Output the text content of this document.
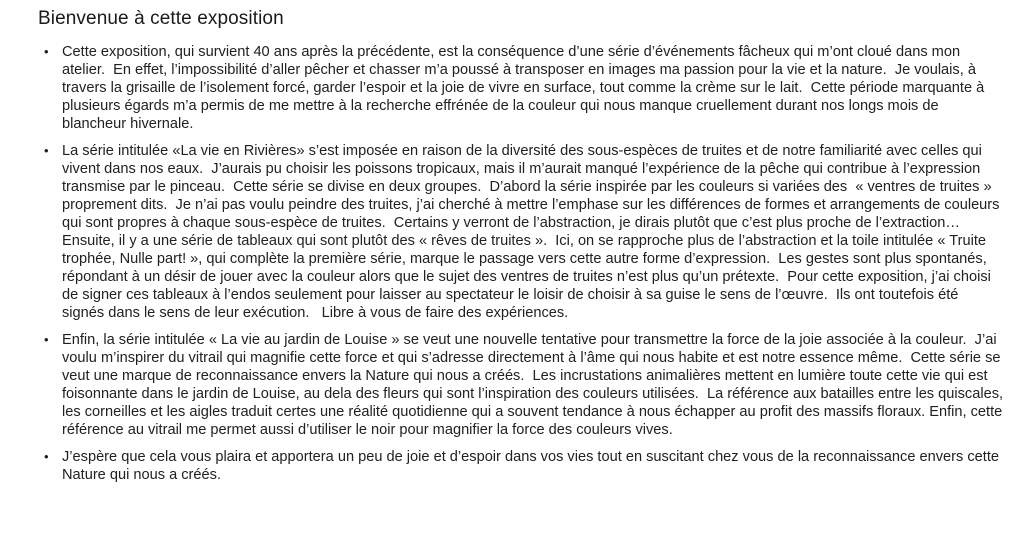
Bienvenue à cette exposition
• Cette exposition, qui survient 40 ans après la précédente, est la conséquence d’une série d’événements fâcheux qui m’ont cloué dans mon atelier.  En effet, l’impossibilité d’aller pêcher et chasser m’a poussé à transposer en images ma passion pour la vie et la nature.  Je voulais, à travers la grisaille de l’isolement forcé, garder l’espoir et la joie de vivre en surface, tout comme la crème sur le lait.  Cette période marquante à plusieurs égards m’a permis de me mettre à la recherche effrénée de la couleur qui nous manque cruellement durant nos longs mois de blancheur hivernale.
• La série intitulée «La vie en Rivières» s’est imposée en raison de la diversité des sous-espèces de truites et de notre familiarité avec celles qui vivent dans nos eaux.  J’aurais pu choisir les poissons tropicaux, mais il m’aurait manqué l’expérience de la pêche qui contribue à l’expression transmise par le pinceau.  Cette série se divise en deux groupes.  D’abord la série inspirée par les couleurs si variées des  « ventres de truites » proprement dits.  Je n’ai pas voulu peindre des truites, j’ai cherché à mettre l’emphase sur les différences de formes et arrangements de couleurs qui sont propres à chaque sous-espèce de truites.  Certains y verront de l’abstraction, je dirais plutôt que c’est plus proche de l’extraction…  Ensuite, il y a une série de tableaux qui sont plutôt des « rêves de truites ».  Ici, on se rapproche plus de l’abstraction et la toile intitulée « Truite trophée, Nulle part! », qui complète la première série, marque le passage vers cette autre forme d’expression.  Les gestes sont plus spontanés, répondant à un désir de jouer avec la couleur alors que le sujet des ventres de truites n’est plus qu’un prétexte.  Pour cette exposition, j’ai choisi de signer ces tableaux à l’endos seulement pour laisser au spectateur le loisir de choisir à sa guise le sens de l’œuvre.  Ils ont toutefois été signés dans le sens de leur exécution.   Libre à vous de faire des expériences.
• Enfin, la série intitulée « La vie au jardin de Louise » se veut une nouvelle tentative pour transmettre la force de la joie associée à la couleur.  J’ai voulu m’inspirer du vitrail qui magnifie cette force et qui s’adresse directement à l’âme qui nous habite et est notre essence même.  Cette série se veut une marque de reconnaissance envers la Nature qui nous a créés.  Les incrustations animalières mettent en lumière toute cette vie qui est foisonnante dans le jardin de Louise, au dela des fleurs qui sont l’inspiration des couleurs utilisées.  La référence aux batailles entre les quiscales, les corneilles et les aigles traduit certes une réalité quotidienne qui a souvent tendance à nous échapper au profit des massifs floraux. Enfin, cette référence au vitrail me permet aussi d’utiliser le noir pour magnifier la force des couleurs vives.
• J’espère que cela vous plaira et apportera un peu de joie et d’espoir dans vos vies tout en suscitant chez vous de la reconnaissance envers cette Nature qui nous a créés.
